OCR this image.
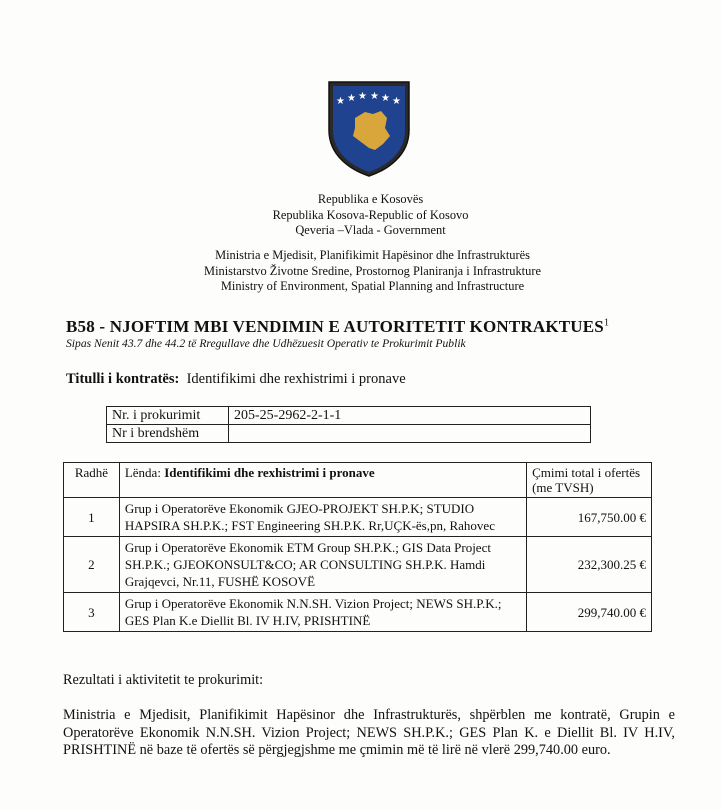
★ ★ ★ ★ ★ ★
Republika e Kosovës
Republika Kosova-Republic of Kosovo
Qeveria –Vlada - Government
Ministria e Mjedisit, Planifikimit Hapësinor dhe Infrastrukturës
Ministarstvo Životne Sredine, Prostornog Planiranja i Infrastrukture
Ministry of Environment, Spatial Planning and Infrastructure
B58 - NJOFTIM MBI VENDIMIN E AUTORITETIT KONTRAKTUES$^1$
Sipas Nenit 43.7 dhe 44.2 të Rregullave dhe Udhëzuesit Operativ te Prokurimit Publik
Titulli i kontratës: Identifikimi dhe rexhistrimi i pronave
Nr. i prokurimit	205-25-2962-2-1-1
Nr i brendshëm	
Radhë	Lënda: Identifikimi dhe rexhistrimi i pronave	Çmimi total i ofertës (me TVSH)
1	Grup i Operatorëve Ekonomik GJEO-PROJEKT SH.P.K; STUDIO HAPSIRA SH.P.K.; FST Engineering SH.P.K. Rr,UÇK-ës,pn, Rahovec	167,750.00 €
2	Grup i Operatorëve Ekonomik ETM Group SH.P.K.; GIS Data Project SH.P.K.; GJEOKONSULT&CO; AR CONSULTING SH.P.K. Hamdi Grajqevci, Nr.11, FUSHË KOSOVË	232,300.25 €
3	Grup i Operatorëve Ekonomik N.N.SH. Vizion Project; NEWS SH.P.K.; GES Plan K.e Diellit Bl. IV H.IV, PRISHTINË	299,740.00 €
Rezultati i aktivitetit te prokurimit:
Ministria e Mjedisit, Planifikimit Hapësinor dhe Infrastrukturës, shpërblen me kontratë, Grupin e Operatorëve Ekonomik N.N.SH. Vizion Project; NEWS SH.P.K.; GES Plan K. e Diellit Bl. IV H.IV, PRISHTINË në baze të ofertës së përgjegjshme me çmimin më të lirë në vlerë 299,740.00 euro.
